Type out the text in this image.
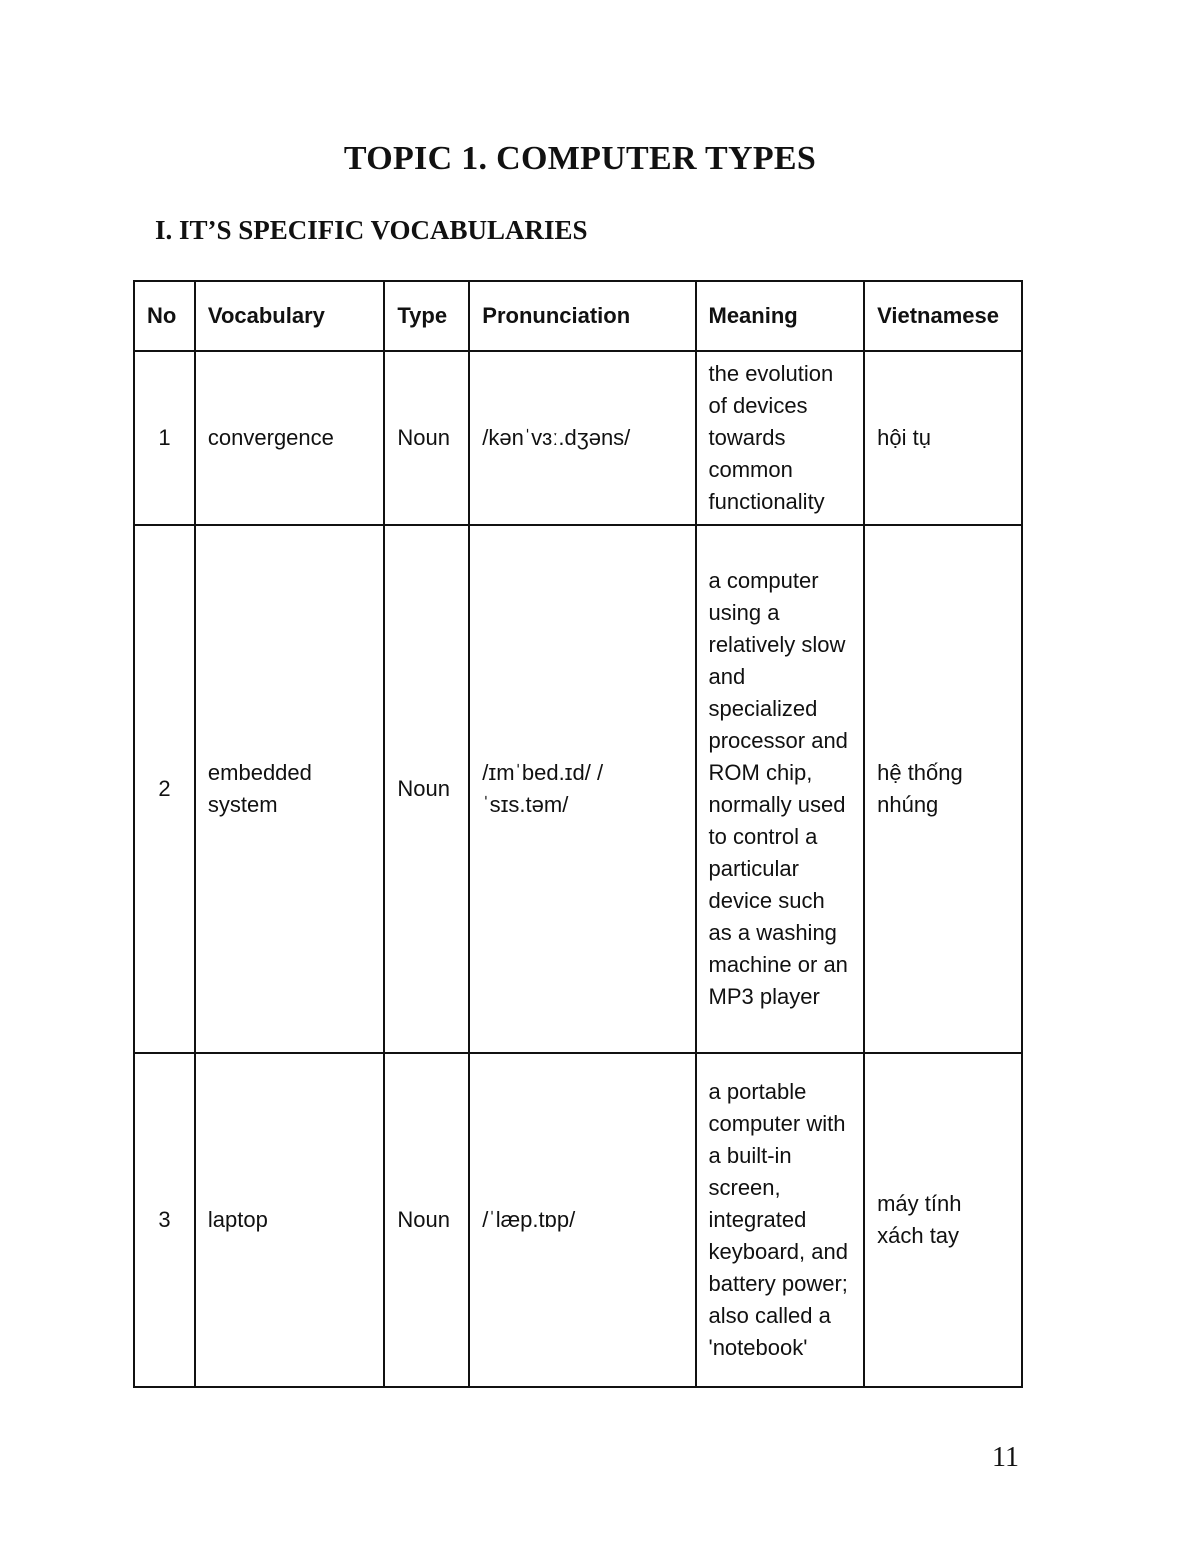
TOPIC 1. COMPUTER TYPES
I. IT’S SPECIFIC VOCABULARIES
No	Vocabulary	Type	Pronunciation	Meaning	Vietnamese
1	convergence	Noun	/kənˈvɜː.dʒəns/	the evolution of devices towards common functionality	hội tụ
2	embedded system	Noun	/ɪmˈbed.ɪd/ /ˈsɪs.təm/	a computer using a relatively slow and specialized processor and ROM chip, normally used to control a particular device such as a washing machine or an MP3 player	hệ thống nhúng
3	laptop	Noun	/ˈlæp.tɒp/	a portable computer with a built-in screen, integrated keyboard, and battery power; also called a 'notebook'	máy tính xách tay
11
